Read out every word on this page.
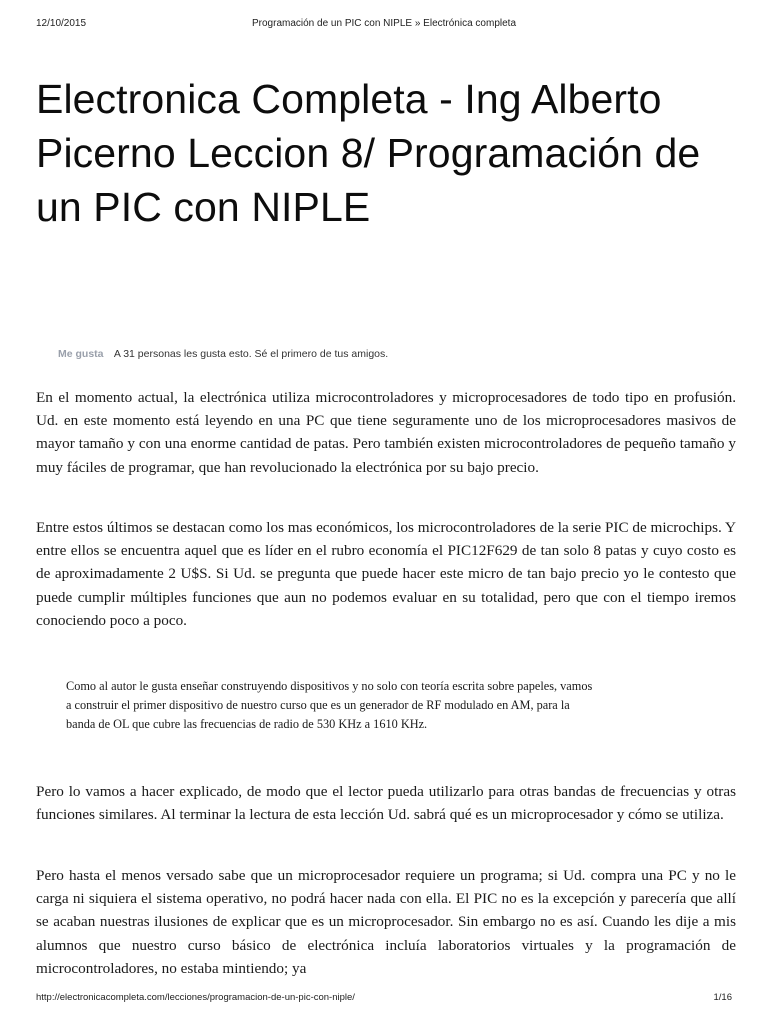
12/10/2015	Programación de un PIC con NIPLE » Electrónica completa
Electronica Completa - Ing Alberto Picerno Leccion 8/ Programación de un PIC con NIPLE
Me gusta A 31 personas les gusta esto. Sé el primero de tus amigos.

En el momento actual, la electrónica utiliza microcontroladores y microprocesadores de todo tipo en profusión. Ud. en este momento está leyendo en una PC que tiene seguramente uno de los microprocesadores masivos de mayor tamaño y con una enorme cantidad de patas. Pero también existen microcontroladores de pequeño tamaño y muy fáciles de programar, que han revolucionado la electrónica por su bajo precio.

Entre estos últimos se destacan como los mas económicos, los microcontroladores de la serie PIC de microchips. Y entre ellos se encuentra aquel que es líder en el rubro economía el PIC12F629 de tan solo 8 patas y cuyo costo es de aproximadamente 2 U$S. Si Ud. se pregunta que puede hacer este micro de tan bajo precio yo le contesto que puede cumplir múltiples funciones que aun no podemos evaluar en su totalidad, pero que con el tiempo iremos conociendo poco a poco.

Como al autor le gusta enseñar construyendo dispositivos y no solo con teoría escrita sobre papeles, vamos
a construir el primer dispositivo de nuestro curso que es un generador de RF modulado en AM, para la
banda de OL que cubre las frecuencias de radio de 530 KHz a 1610 KHz.

Pero lo vamos a hacer explicado, de modo que el lector pueda utilizarlo para otras bandas de frecuencias y otras funciones similares. Al terminar la lectura de esta lección Ud. sabrá qué es un microprocesador y cómo se utiliza.

Pero hasta el menos versado sabe que un microprocesador requiere un programa; si Ud. compra una PC y no le carga ni siquiera el sistema operativo, no podrá hacer nada con ella. El PIC no es la excepción y parecería que allí se acaban nuestras ilusiones de explicar que es un microprocesador. Sin embargo no es así. Cuando les dije a mis alumnos que nuestro curso básico de electrónica incluía laboratorios virtuales y la programación de microcontroladores, no estaba mintiendo; ya

http://electronicacompleta.com/lecciones/programacion-de-un-pic-con-niple/	1/16
